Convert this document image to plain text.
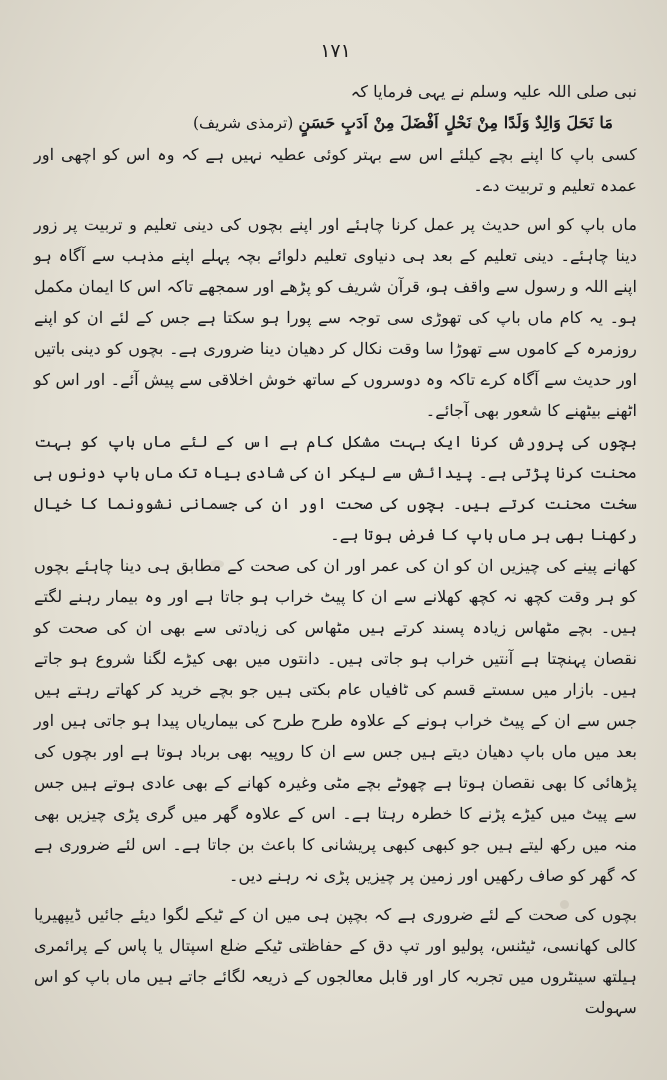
۱۷۱

نبی صلی اللہ علیہ وسلم نے یہی فرمایا کہ

مَا نَحَلَ وَالِدٌ وَلَدًا مِنْ نَحْلٍ اَفْضَلَ مِنْ اَدَبٍ حَسَنٍ (ترمذی شریف)

کسی باپ کا اپنے بچے کیلئے اس سے بہتر کوئی عطیہ نہیں ہے کہ وہ اس کو اچھی اور عمدہ تعلیم و تربیت دے۔

ماں باپ کو اس حدیث پر عمل کرنا چاہئے اور اپنے بچوں کی دینی تعلیم و تربیت پر زور دینا چاہئے۔ دینی تعلیم کے بعد ہی دنیاوی تعلیم دلوائے بچہ پہلے اپنے مذہب سے آگاہ ہو اپنے اللہ و رسول سے واقف ہو، قرآن شریف کو پڑھے اور سمجھے تاکہ اس کا ایمان مکمل ہو۔ یہ کام ماں باپ کی تھوڑی سی توجہ سے پورا ہو سکتا ہے جس کے لئے ان کو اپنے روزمرہ کے کاموں سے تھوڑا سا وقت نکال کر دھیان دینا ضروری ہے۔ بچوں کو دینی باتیں اور حدیث سے آگاہ کرے تاکہ وہ دوسروں کے ساتھ خوش اخلاقی سے پیش آئے۔ اور اس کو اٹھنے بیٹھنے کا شعور بھی آجائے۔

بچوں کی پرورش کرنا ایک بہت مشکل کام ہے اس کے لئے ماں باپ کو بہت محنت کرنا پڑتی ہے۔ پیدائش سے لیکر ان کی شادی بیاہ تک ماں باپ دونوں ہی سخت محنت کرتے ہیں۔ بچوں کی صحت اور ان کی جسمانی نشوونما کا خیال رکھنا بھی ہر ماں باپ کا فرض ہوتا ہے۔

کھانے پینے کی چیزیں ان کو ان کی عمر اور ان کی صحت کے مطابق ہی دینا چاہئے بچوں کو ہر وقت کچھ نہ کچھ کھلانے سے ان کا پیٹ خراب ہو جاتا ہے اور وہ بیمار رہنے لگتے ہیں۔ بچے مٹھاس زیادہ پسند کرتے ہیں مٹھاس کی زیادتی سے بھی ان کی صحت کو نقصان پہنچتا ہے آنتیں خراب ہو جاتی ہیں۔ دانتوں میں بھی کیڑے لگنا شروع ہو جاتے ہیں۔ بازار میں سستے قسم کی ٹافیاں عام بکتی ہیں جو بچے خرید کر کھاتے رہتے ہیں جس سے ان کے پیٹ خراب ہونے کے علاوہ طرح طرح کی بیماریاں پیدا ہو جاتی ہیں اور بعد میں ماں باپ دھیان دیتے ہیں جس سے ان کا روپیہ بھی برباد ہوتا ہے اور بچوں کی پڑھائی کا بھی نقصان ہوتا ہے چھوٹے بچے مٹی وغیرہ کھانے کے بھی عادی ہوتے ہیں جس سے پیٹ میں کیڑے پڑنے کا خطرہ رہتا ہے۔ اس کے علاوہ گھر میں گری پڑی چیزیں بھی منہ میں رکھ لیتے ہیں جو کبھی کبھی پریشانی کا باعث بن جاتا ہے۔ اس لئے ضروری ہے کہ گھر کو صاف رکھیں اور زمین پر چیزیں پڑی نہ رہنے دیں۔

بچوں کی صحت کے لئے ضروری ہے کہ بچپن ہی میں ان کے ٹیکے لگوا دیئے جائیں ڈیپھیریا کالی کھانسی، ٹیٹنس، پولیو اور تپ دق کے حفاظتی ٹیکے ضلع اسپتال یا پاس کے پرائمری ہیلتھ سینٹروں میں تجربہ کار اور قابل معالجوں کے ذریعہ لگائے جاتے ہیں ماں باپ کو اس سہولت
